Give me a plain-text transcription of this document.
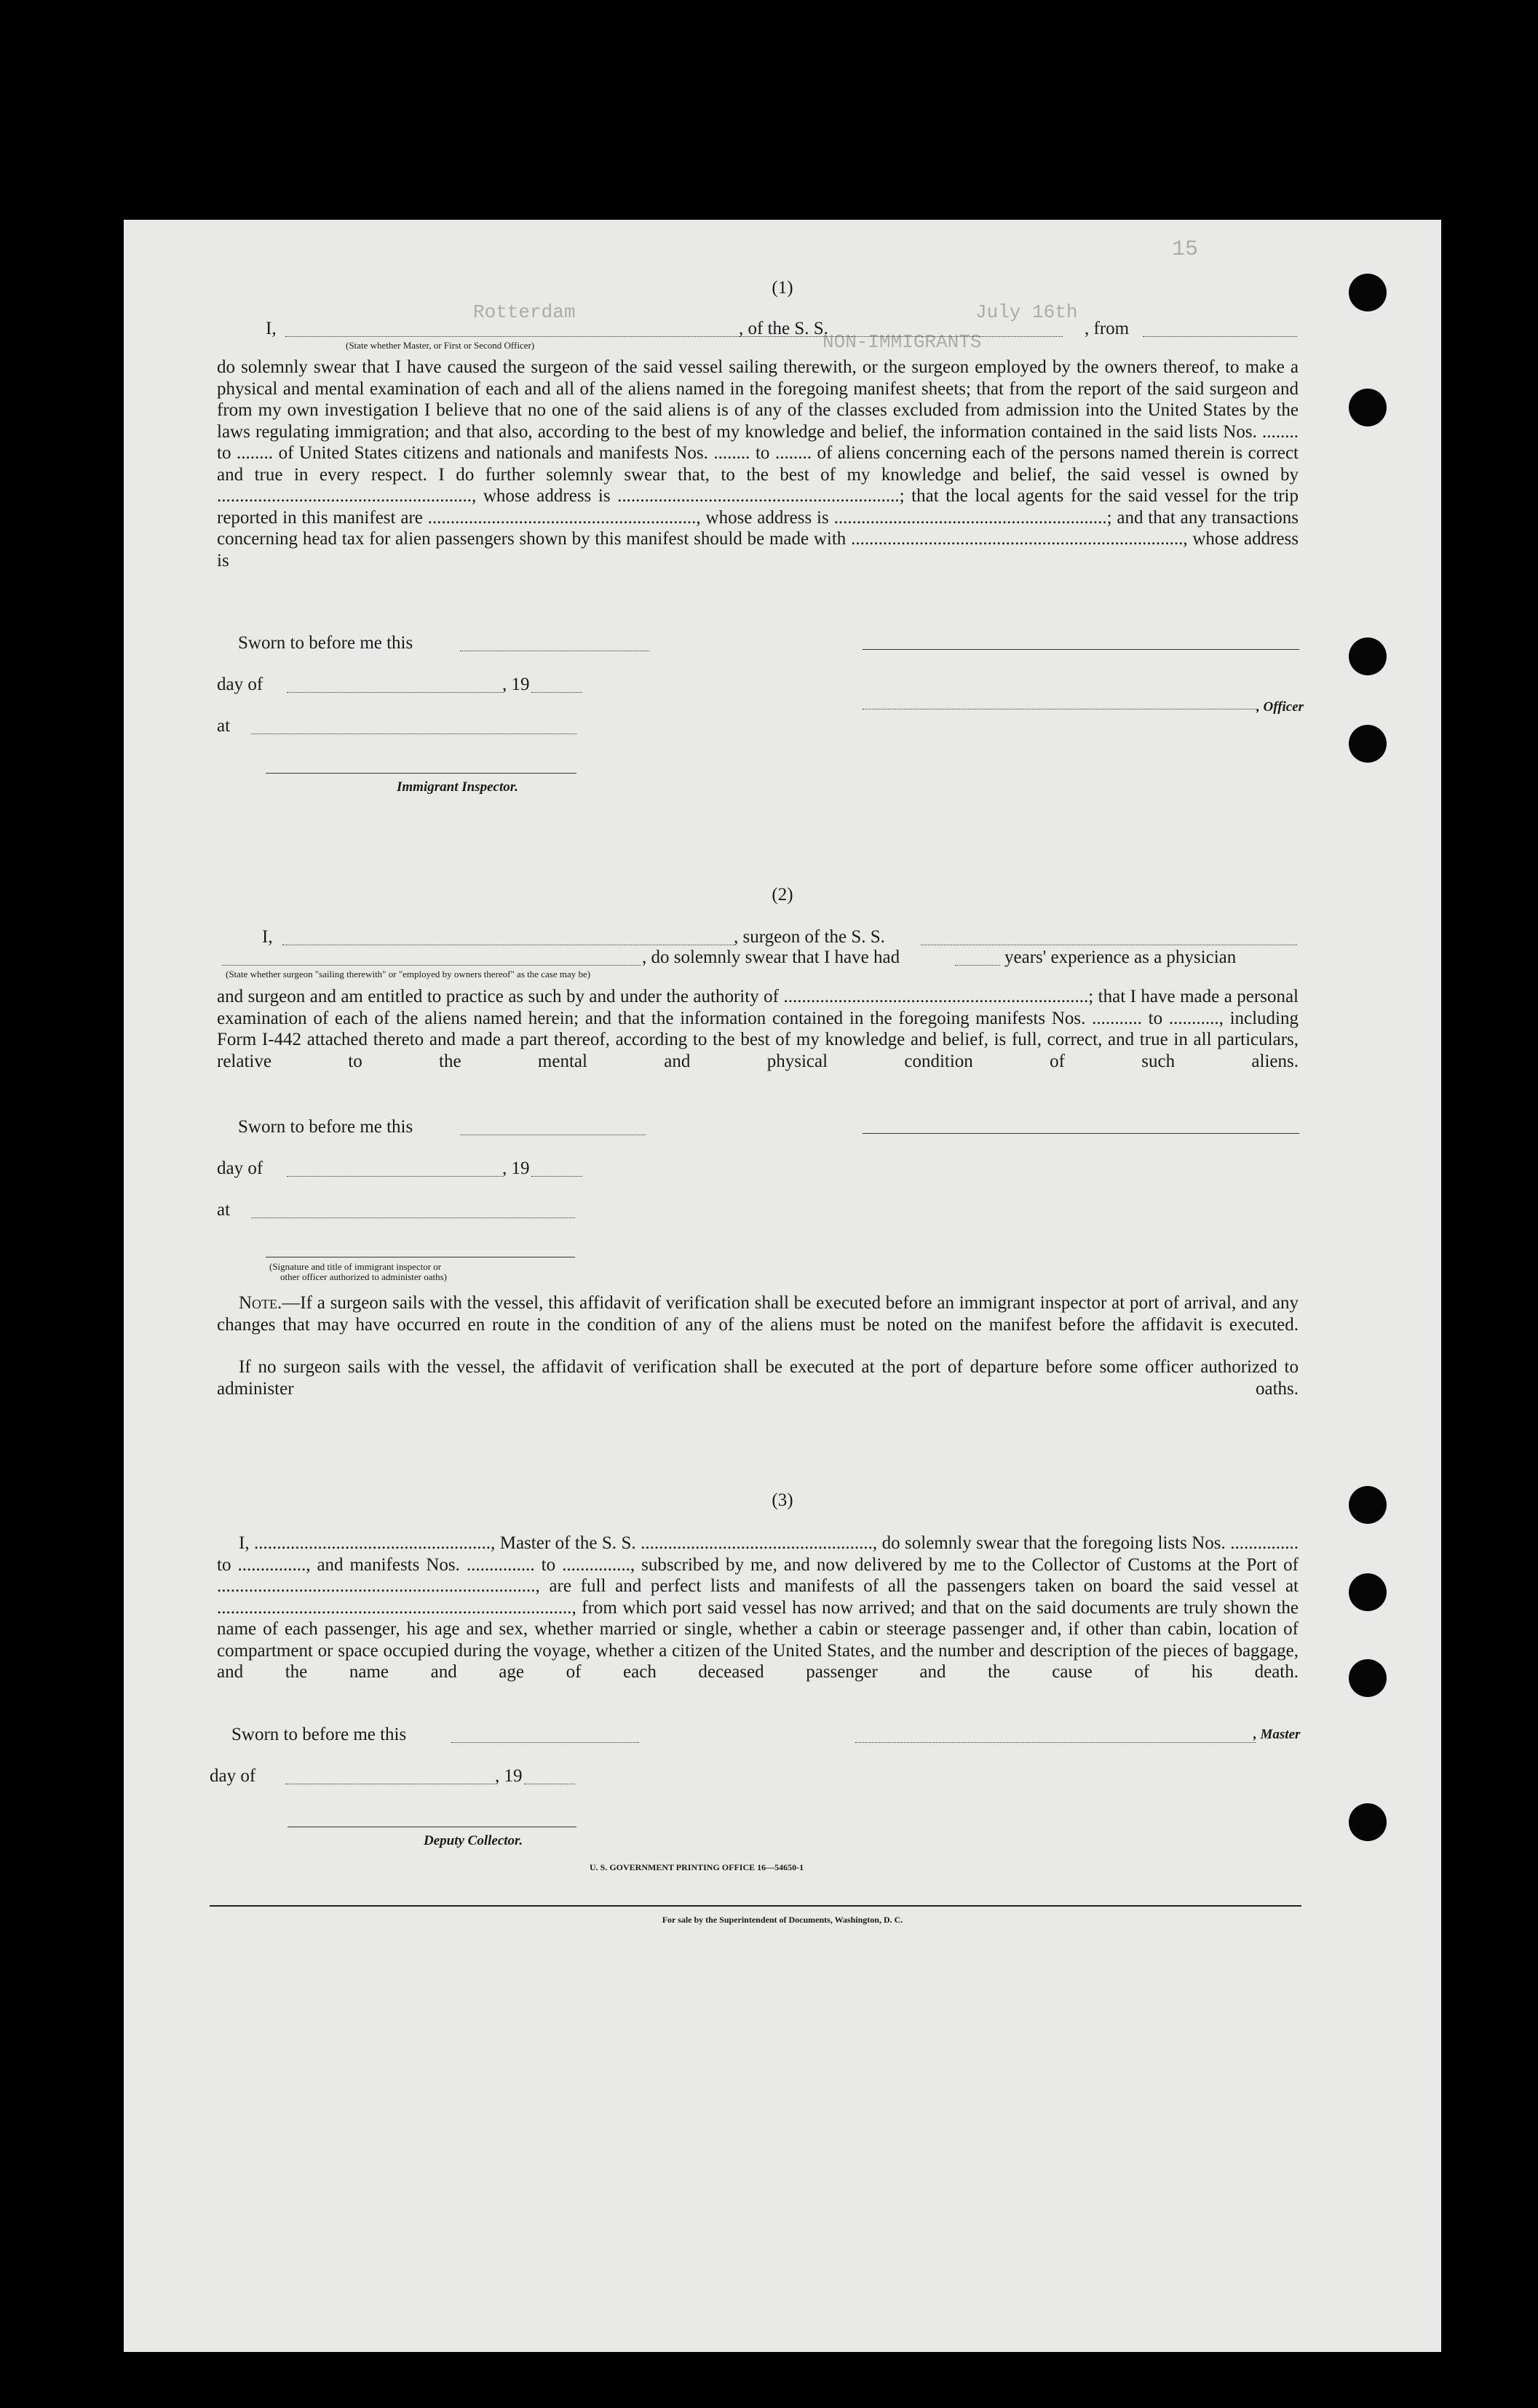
15
Rotterdam	July 16th
NON-IMMIGRANTS
(1)
I,	, of the S. S.	, from
(State whether Master, or First or Second Officer)
do solemnly swear that I have caused the surgeon of the said vessel sailing therewith, or the surgeon employed by the owners thereof, to make a physical and mental examination of each and all of the aliens named in the foregoing manifest sheets; that from the report of the said surgeon and from my own investigation I believe that no one of the said aliens is of any of the classes excluded from admission into the United States by the laws regulating immigration; and that also, according to the best of my knowledge and belief, the information contained in the said lists Nos. ........ to ........ of United States citizens and nationals and manifests Nos. ........ to ........ of aliens concerning each of the persons named therein is correct and true in every respect. I do further solemnly swear that, to the best of my knowledge and belief, the said vessel is owned by ........................................................, whose address is ..............................................................; that the local agents for the said vessel for the trip reported in this manifest are ..........................................................., whose address is ............................................................; and that any transactions concerning head tax for alien passengers shown by this manifest should be made with ........................................................................., whose address is
Sworn to before me this
day of	, 19
at
, Officer
Immigrant Inspector.
(2)
I,	, surgeon of the S. S.
, do solemnly swear that I have had	years' experience as a physician
(State whether surgeon "sailing therewith" or "employed by owners thereof" as the case may be)
and surgeon and am entitled to practice as such by and under the authority of ...................................................................; that I have made a personal examination of each of the aliens named herein; and that the information contained in the foregoing manifests Nos. ........... to ..........., including Form I-442 attached thereto and made a part thereof, according to the best of my knowledge and belief, is full, correct, and true in all particulars, relative to the mental and physical condition of such aliens.
Sworn to before me this
day of	, 19
at
(Signature and title of immigrant inspector or
other officer authorized to administer oaths)
Note.—If a surgeon sails with the vessel, this affidavit of verification shall be executed before an immigrant inspector at port of arrival, and any changes that may have occurred en route in the condition of any of the aliens must be noted on the manifest before the affidavit is executed.
If no surgeon sails with the vessel, the affidavit of verification shall be executed at the port of departure before some officer authorized to administer oaths.
(3)
I, ...................................................., Master of the S. S. ..................................................., do solemnly swear that the foregoing lists Nos. ............... to ..............., and manifests Nos. ............... to ..............., subscribed by me, and now delivered by me to the Collector of Customs at the Port of ......................................................................, are full and perfect lists and manifests of all the passengers taken on board the said vessel at .............................................................................., from which port said vessel has now arrived; and that on the said documents are truly shown the name of each passenger, his age and sex, whether married or single, whether a cabin or steerage passenger and, if other than cabin, location of compartment or space occupied during the voyage, whether a citizen of the United States, and the number and description of the pieces of baggage, and the name and age of each deceased passenger and the cause of his death.
Sworn to before me this	, Master
day of	, 19
Deputy Collector.
U. S. GOVERNMENT PRINTING OFFICE 16—54650-1
For sale by the Superintendent of Documents, Washington, D. C.
